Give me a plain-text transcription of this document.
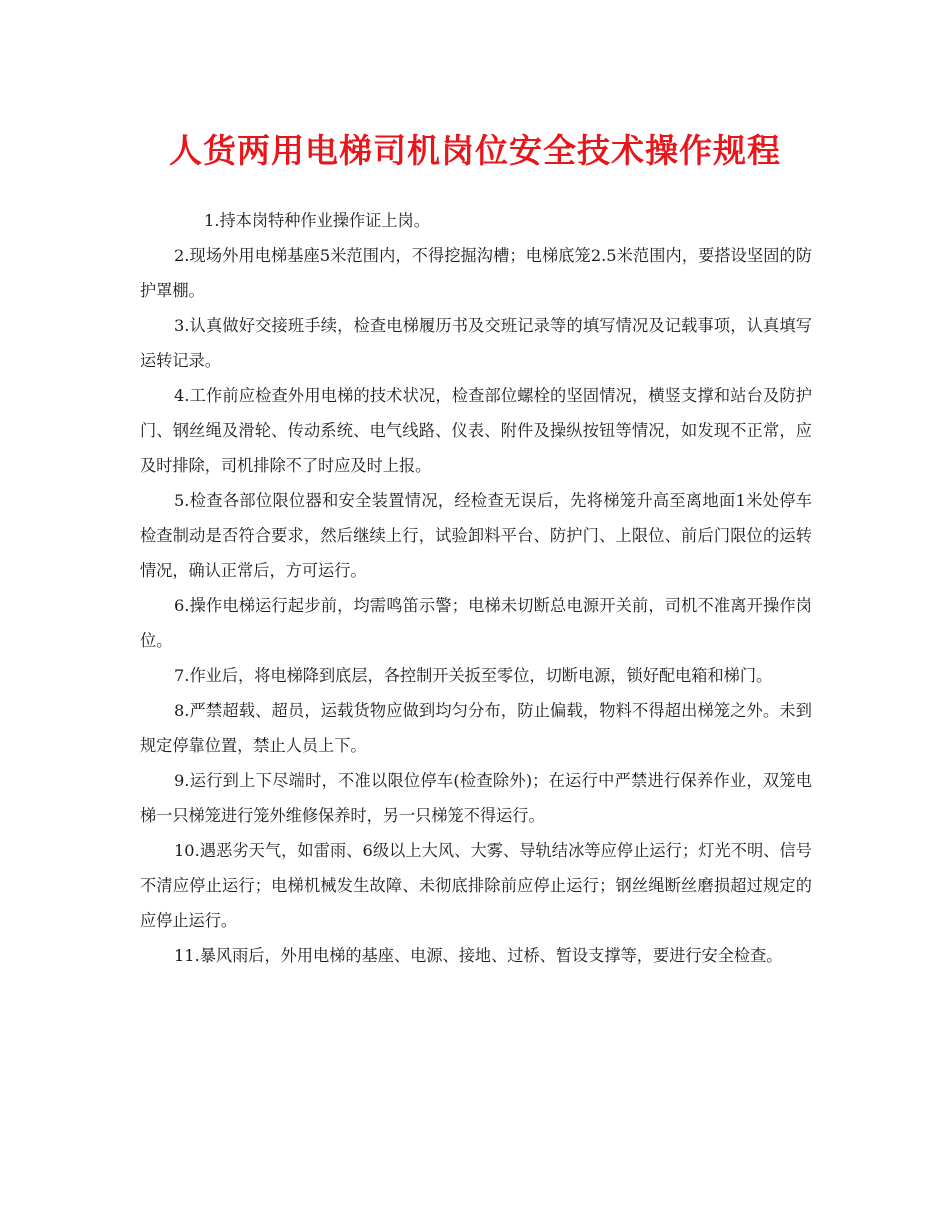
人货两用电梯司机岗位安全技术操作规程

1.持本岗特种作业操作证上岗。

2.现场外用电梯基座5米范围内，不得挖掘沟槽；电梯底笼2.5米范围内，要搭设坚固的防护罩棚。

3.认真做好交接班手续，检查电梯履历书及交班记录等的填写情况及记载事项，认真填写运转记录。

4.工作前应检查外用电梯的技术状况，检查部位螺栓的坚固情况，横竖支撑和站台及防护门、钢丝绳及滑轮、传动系统、电气线路、仪表、附件及操纵按钮等情况，如发现不正常，应及时排除，司机排除不了时应及时上报。

5.检查各部位限位器和安全装置情况，经检查无误后，先将梯笼升高至离地面1米处停车检查制动是否符合要求，然后继续上行，试验卸料平台、防护门、上限位、前后门限位的运转情况，确认正常后，方可运行。

6.操作电梯运行起步前，均需鸣笛示警；电梯未切断总电源开关前，司机不准离开操作岗位。

7.作业后，将电梯降到底层，各控制开关扳至零位，切断电源，锁好配电箱和梯门。

8.严禁超载、超员，运载货物应做到均匀分布，防止偏载，物料不得超出梯笼之外。未到规定停靠位置，禁止人员上下。

9.运行到上下尽端时，不准以限位停车(检查除外)；在运行中严禁进行保养作业，双笼电梯一只梯笼进行笼外维修保养时，另一只梯笼不得运行。

10.遇恶劣天气，如雷雨、6级以上大风、大雾、导轨结冰等应停止运行；灯光不明、信号不清应停止运行；电梯机械发生故障、未彻底排除前应停止运行；钢丝绳断丝磨损超过规定的应停止运行。

11.暴风雨后，外用电梯的基座、电源、接地、过桥、暂设支撑等，要进行安全检查。
